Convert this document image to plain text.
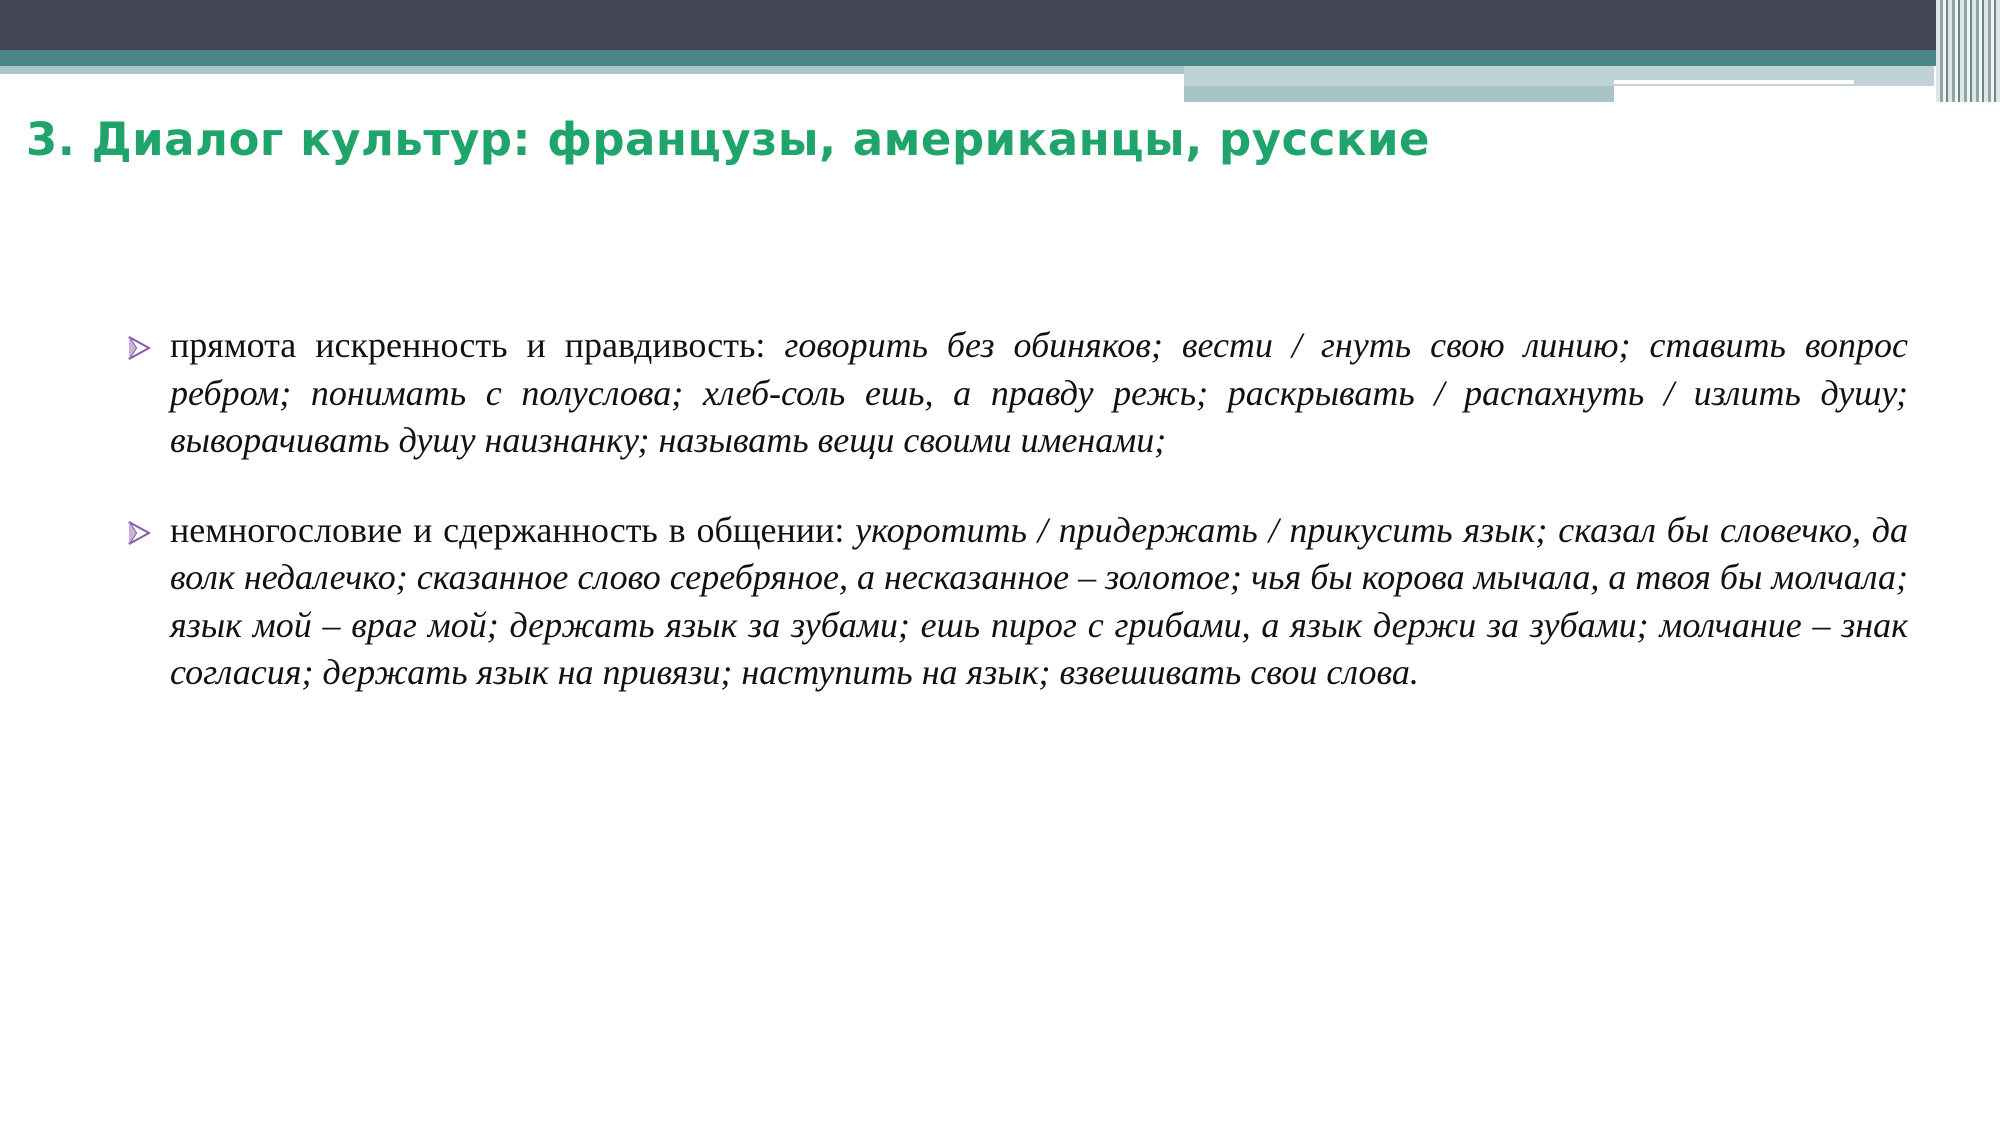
3. Диалог культур: французы, американцы, русские
прямота искренность и правдивость: говорить без обиняков; вести / гнуть свою линию; ставить вопрос ребром; понимать с полуслова; хлеб-соль ешь, а правду режь; раскрывать / распахнуть / излить душу; выворачивать душу наизнанку; называть вещи своими именами;
немногословие и сдержанность в общении: укоротить / придержать / прикусить язык; сказал бы словечко, да волк недалечко; сказанное слово серебряное, а несказанное – золотое; чья бы корова мычала, а твоя бы молчала; язык мой – враг мой; держать язык за зубами; ешь пирог с грибами, а язык держи за зубами; молчание – знак согласия; держать язык на привязи; наступить на язык; взвешивать свои слова.
